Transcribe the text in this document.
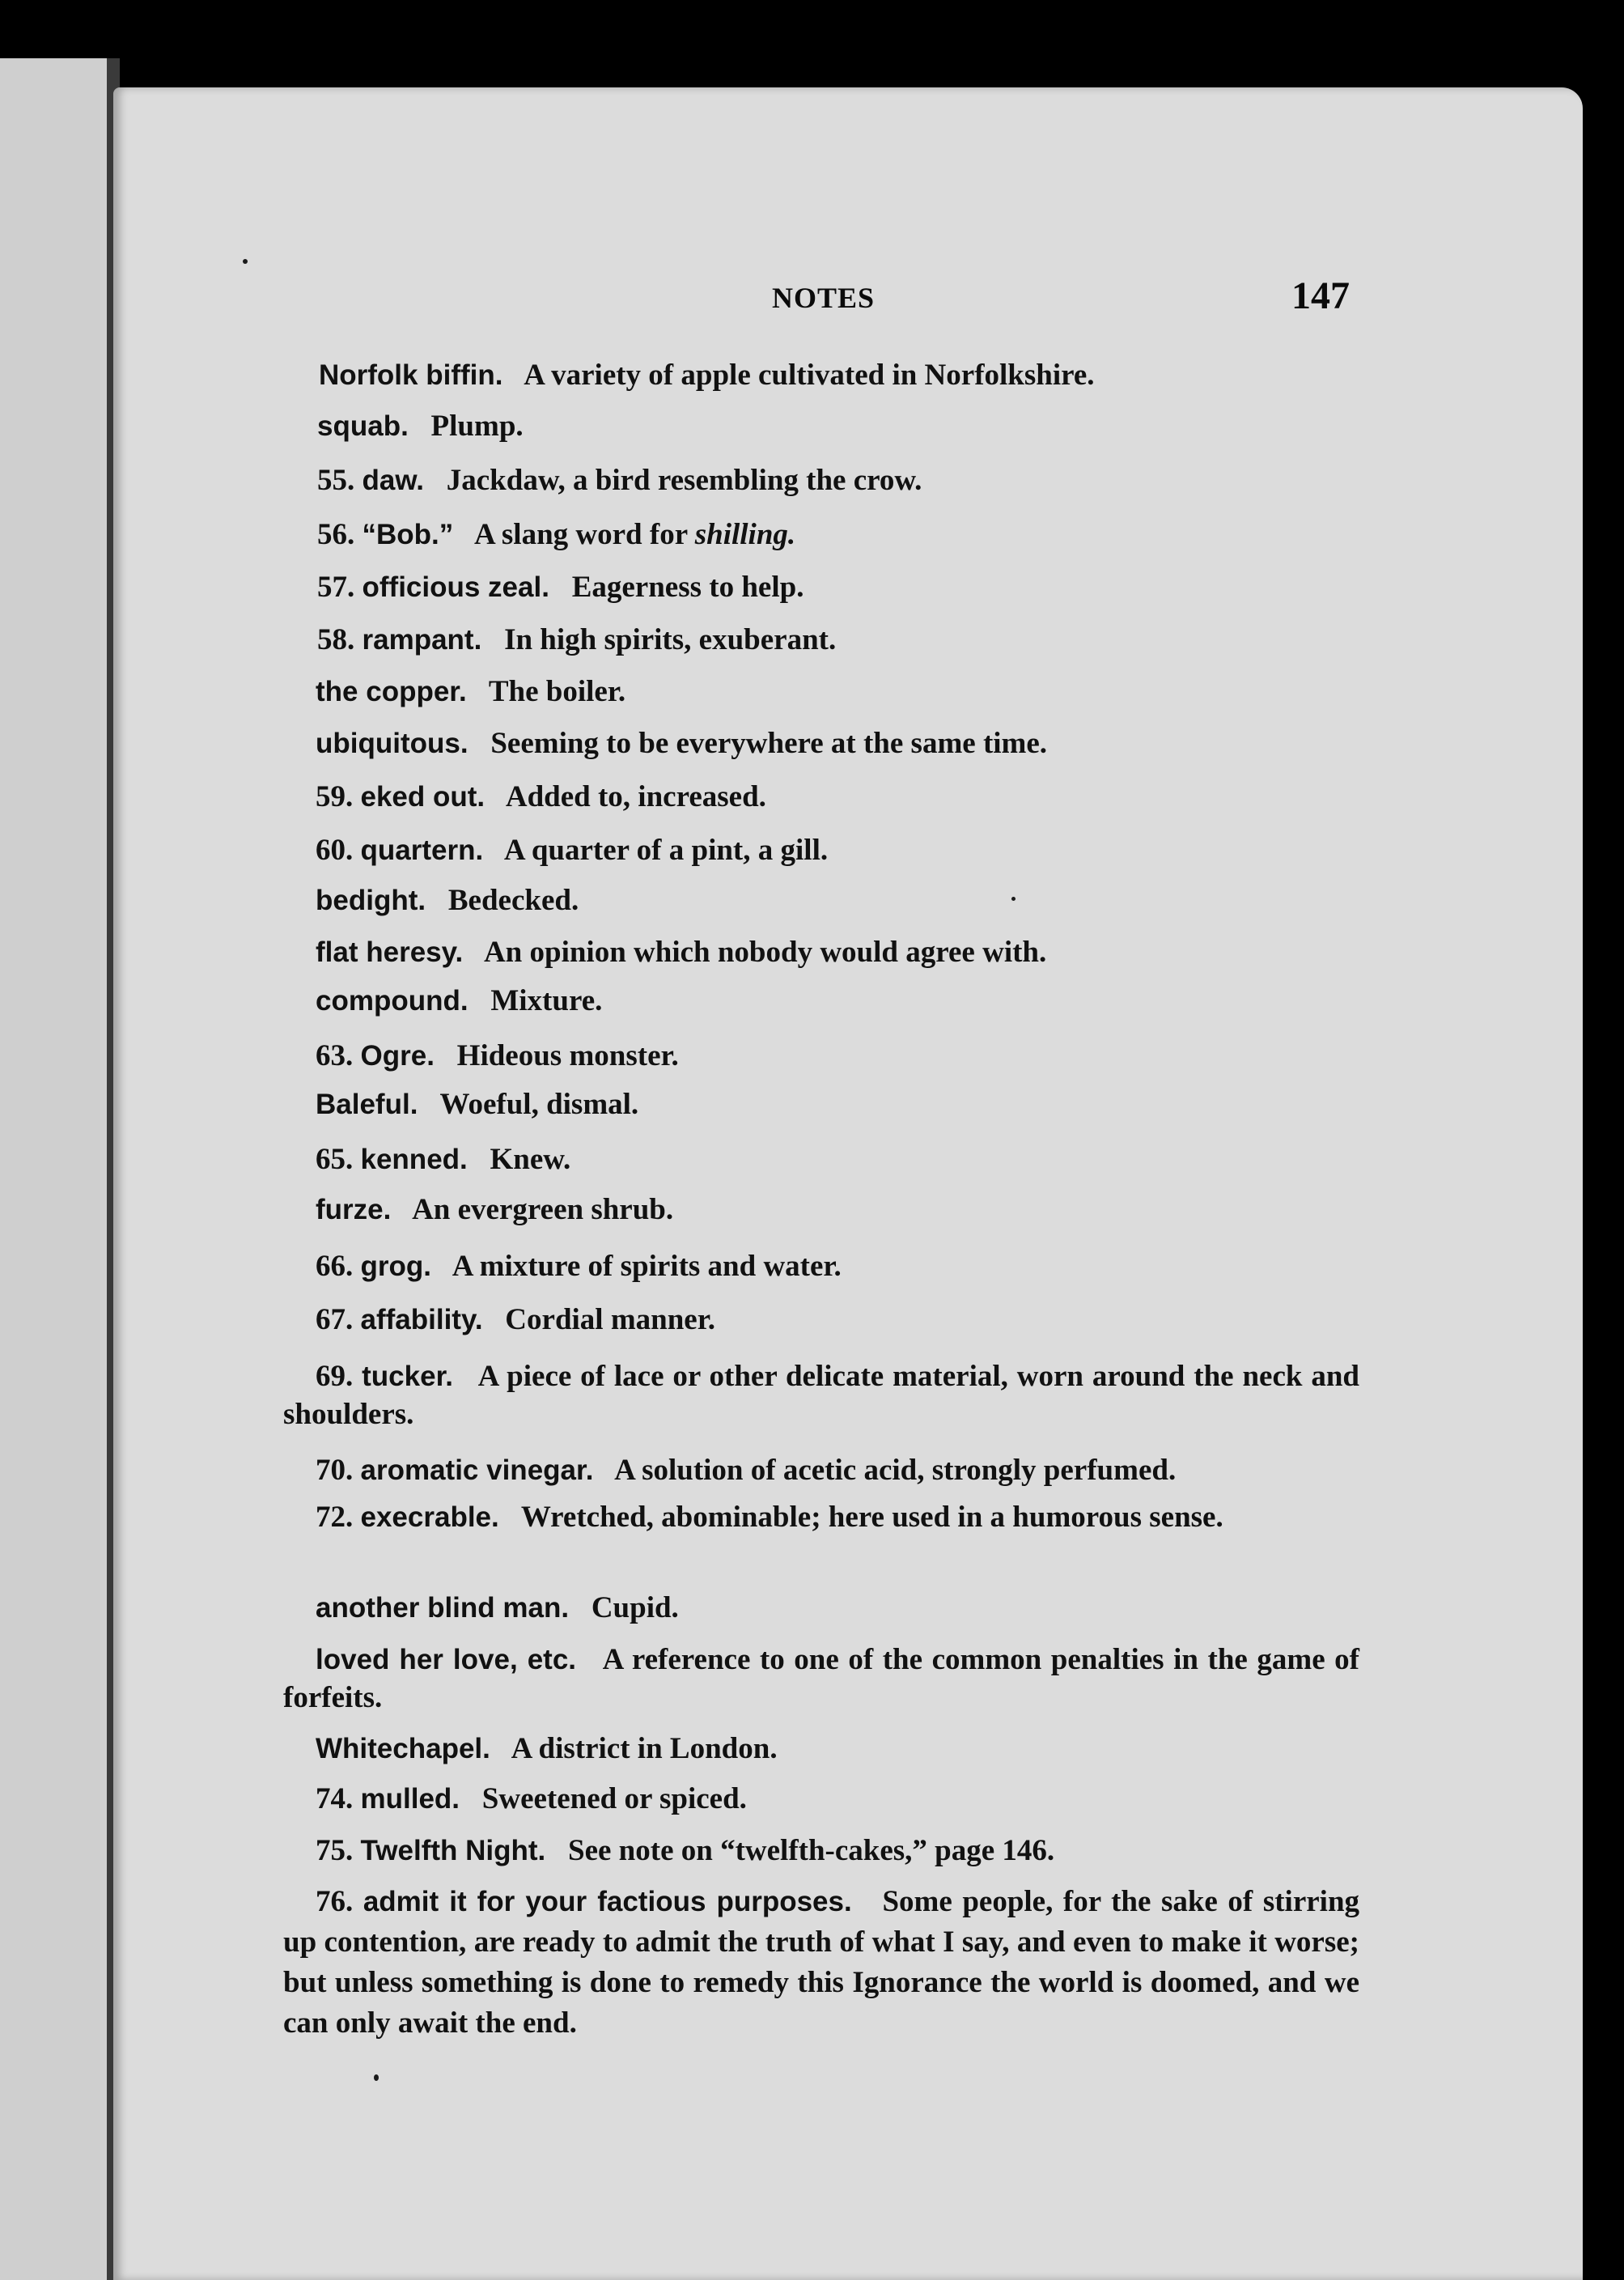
NOTES	147
Norfolk biffin. A variety of apple cultivated in Norfolkshire.
squab. Plump.
55. daw. Jackdaw, a bird resembling the crow.
56. “Bob.” A slang word for shilling.
57. officious zeal. Eagerness to help.
58. rampant. In high spirits, exuberant.
the copper. The boiler.
ubiquitous. Seeming to be everywhere at the same time.
59. eked out. Added to, increased.
60. quartern. A quarter of a pint, a gill.
bedight. Bedecked.
flat heresy. An opinion which nobody would agree with.
compound. Mixture.
63. Ogre. Hideous monster.
Baleful. Woeful, dismal.
65. kenned. Knew.
furze. An evergreen shrub.
66. grog. A mixture of spirits and water.
67. affability. Cordial manner.
69. tucker. A piece of lace or other delicate material, worn around the neck and shoulders.
70. aromatic vinegar. A solution of acetic acid, strongly perfumed.
72. execrable. Wretched, abominable; here used in a humorous sense.
another blind man. Cupid.
loved her love, etc. A reference to one of the common penalties in the game of forfeits.
Whitechapel. A district in London.
74. mulled. Sweetened or spiced.
75. Twelfth Night. See note on “twelfth-cakes,” page 146.
76. admit it for your factious purposes. Some people, for the sake of stirring up contention, are ready to admit the truth of what I say, and even to make it worse; but unless something is done to remedy this Ignorance the world is doomed, and we can only await the end.
